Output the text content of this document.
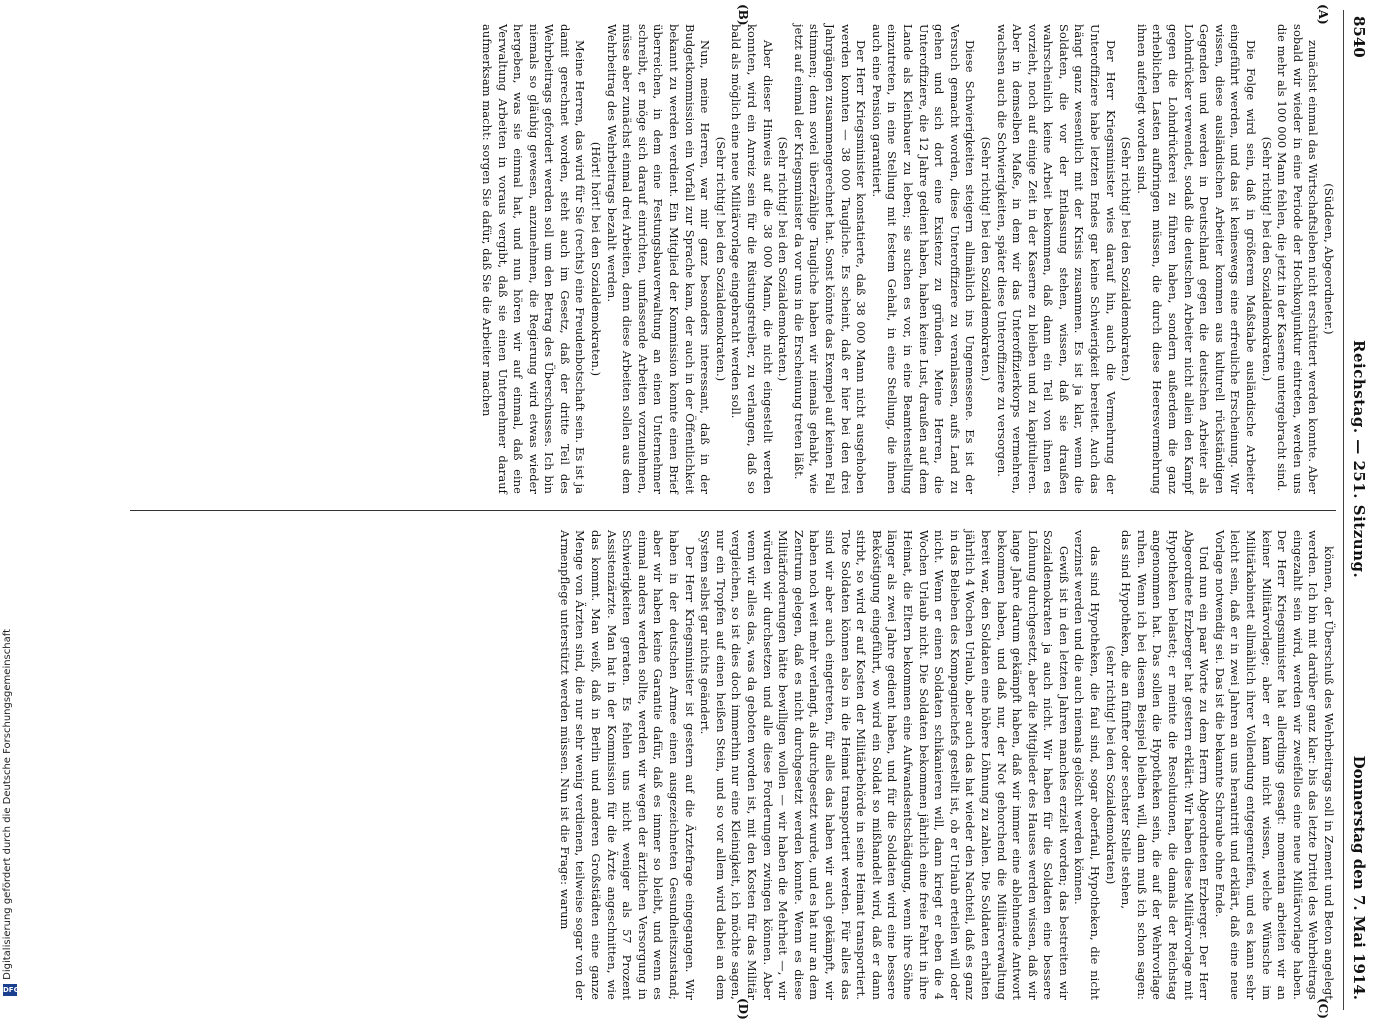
Digitalisierung gefördert durch die Deutsche Forschungsgemeinschaft
DFG
8540
Reichstag. — 251. Sitzung.
Donnerstag den 7. Mai 1914.

(Süddeen, Abgeordneter.)

zunächst einmal das Wirtschaftsleben nicht erschüttert werden konnte. Aber sobald wir wieder in eine Periode der Hochkonjunktur eintreten, werden uns die mehr als 100 000 Mann fehlen, die jetzt in der Kaserne untergebracht sind.

(Sehr richtig! bei den Sozialdemokraten.)

Die Folge wird sein, daß in größerem Maßstabe ausländische Arbeiter eingeführt werden, und das ist keineswegs eine erfreuliche Erscheinung. Wir wissen, diese ausländischen Arbeiter kommen aus kulturell rückständigen Gegenden und werden in Deutschland gegen die deutschen Arbeiter als Lohndrücker verwendet, sodaß die deutschen Arbeiter nicht allein den Kampf gegen die Lohndrückerei zu führen haben, sondern außerdem die ganz erheblichen Lasten aufbringen müssen, die durch diese Heeresvermehrung ihnen auferlegt worden sind.

(Sehr richtig! bei den Sozialdemokraten.)

Der Herr Kriegsminister wies darauf hin, auch die Vermehrung der Unteroffiziere habe letzten Endes gar keine Schwierigkeit bereitet. Auch das hängt ganz wesentlich mit der Krisis zusammen. Es ist ja klar, wenn die Soldaten, die vor der Entlassung stehen, wissen, daß sie draußen wahrscheinlich keine Arbeit bekommen, daß dann ein Teil von ihnen es vorzieht, noch auf einige Zeit in der Kaserne zu bleiben und zu kapitulieren. Aber in demselben Maße, in dem wir das Unteroffizierkorps vermehren, wachsen auch die Schwierigkeiten, später diese Unteroffiziere zu versorgen.

(Sehr richtig! bei den Sozialdemokraten.)

Diese Schwierigkeiten steigern allmählich ins Ungemessene. Es ist der Versuch gemacht worden, diese Unteroffiziere zu veranlassen, aufs Land zu gehen und sich dort eine Existenz zu gründen. Meine Herren, die Unteroffiziere, die 12 Jahre gedient haben, haben keine Lust, draußen auf dem Lande als Kleinbauer zu leben; sie suchen es vor, in eine Beamtenstellung einzutreten, in eine Stellung mit festem Gehalt, in eine Stellung, die ihnen auch eine Pension garantiert.

Der Herr Kriegsminister konstatierte, daß 38 000 Mann nicht ausgehoben werden konnten — 38 000 Taugliche. Es scheint, daß er hier bei den drei Jahrgängen zusammengerechnet hat. Sonst könnte das Exempel auf keinen Fall stimmen; denn soviel überzählige Taugliche haben wir niemals gehabt, wie jetzt auf einmal der Kriegsminister da vor uns in die Erscheinung treten läßt.

(Sehr richtig! bei den Sozialdemokraten.)

Aber dieser Hinweis auf die 38 000 Mann, die nicht eingestellt werden konnten, wird ein Anreiz sein für die Rüstungstreiber, zu verlangen, daß so bald als möglich eine neue Militärvorlage eingebracht werden soll.

(Sehr richtig! bei den Sozialdemokraten.)

Nun, meine Herren, war mir ganz besonders interessant, daß in der Budgetkommission ein Vorfall zur Sprache kam, der auch in der Öffentlichkeit bekannt zu werden verdient. Ein Mitglied der Kommission konnte einen Brief überreichen, in dem eine Festungsbauverwaltung an einen Unternehmer schreibt, er möge sich darauf einrichten, umfassende Arbeiten vorzunehmen, müsse aber zunächst einmal drei Arbeiten, denn diese Arbeiten sollen aus dem Wehrbeitrag des Wehrbeitrags bezahlt werden.

(Hört! hört! bei den Sozialdemokraten.)

Meine Herren, das wird für Sie (rechts) eine Freudenbotschaft sein. Es ist ja damit gerechnet worden, steht auch im Gesetz, daß der dritte Teil des Wehrbeitrags gefordert werden soll um den Betrag des Überschusses. Ich bin niemals so gläubig gewesen, anzunehmen, die Regierung wird etwas wieder hergeben, was sie einmal hat, und nun hören wir auf einmal, daß eine Verwaltung Arbeiten in voraus vergibt, daß sie einen Unternehmer darauf aufmerksam macht: sorgen Sie dafür, daß Sie die Arbeiter machen

können, der Überschuß des Wehrbeitrags soll in Zement und Beton angelegt werden. Ich bin mit darüber ganz klar: bis das letzte Drittel des Wehrbeitrags eingezahlt sein wird, werden wir zweifellos eine neue Militärvorlage haben. Der Herr Kriegsminister hat allerdings gesagt: momentan arbeiten wir an keiner Militärvorlage; aber er kann nicht wissen, welche Wünsche im Militärkabinett allmählich ihrer Vollendung entgegenreifen, und es kann sehr leicht sein, daß er in zwei Jahren an uns herantritt und erklärt, daß eine neue Vorlage notwendig sei. Das ist die bekannte Schraube ohne Ende.

Und nun ein paar Worte zu dem Herrn Abgeordneten Erzberger. Der Herr Abgeordnete Erzberger hat gestern erklärt: Wir haben diese Militärvorlage mit Hypotheken belastet; er meinte die Resolutionen, die damals der Reichstag angenommen hat. Das sollen die Hypotheken sein, die auf der Wehrvorlage ruhen. Wenn ich bei diesem Beispiel bleiben will, dann muß ich schon sagen: das sind Hypotheken, die an fünfter oder sechster Stelle stehen,

(sehr richtig! bei den Sozialdemokraten)

das sind Hypotheken, die faul sind, sogar oberfaul, Hypotheken, die nicht verzinst werden und die auch niemals gelöscht werden können.

Gewiß ist in den letzten Jahren manches erzielt worden; das bestreiten wir Sozialdemokraten ja auch nicht. Wir haben für die Soldaten eine bessere Löhnung durchgesetzt, aber die Mitglieder des Hauses werden wissen, daß wir lange Jahre darum gekämpft haben, daß wir immer eine ablehnende Antwort bekommen haben, und daß nur, der Not gehorchend die Militärverwaltung bereit war, den Soldaten eine höhere Löhnung zu zahlen. Die Soldaten erhalten jährlich 4 Wochen Urlaub, aber auch das hat wieder den Nachteil, daß es ganz in das Belieben des Kompagniechefs gestellt ist, ob er Urlaub erteilen will oder nicht. Wenn er einen Soldaten schikanieren will, dann kriegt er eben die 4 Wochen Urlaub nicht. Die Soldaten bekommen jährlich eine freie Fahrt in ihre Heimat, die Eltern bekommen eine Aufwandsentschädigung, wenn ihre Söhne länger als zwei Jahre gedient haben, und für die Soldaten wird eine bessere Beköstigung eingeführt, wo wird ein Soldat so mißhandelt wird, daß er dann stirbt, so wird er auf Kosten der Militärbehörde in seine Heimat transportiert. Tote Soldaten können also in die Heimat transportiert werden. Für alles das sind wir aber auch eingetreten, für alles das haben wir auch gekämpft, wir haben noch weit mehr verlangt, als durchgesetzt wurde, und es hat nur an dem Zentrum gelegen, daß es nicht durchgesetzt werden konnte. Wenn es diese Militärforderungen hätte bewilligen wollen — wir haben die Mehrheit —, wir würden wir durchsetzen und alle diese Forderungen zwingen können. Aber wenn wir alles das, was da geboten worden ist, mit den Kosten für das Militär vergleichen, so ist dies doch immerhin nur eine Kleinigkeit, ich möchte sagen, nur ein Tropfen auf einen heißen Stein, und so vor allem wird dabei an dem System selbst gar nichts geändert.

Der Herr Kriegsminister ist gestern auf die Ärztefrage eingegangen. Wir haben in der deutschen Armee einen ausgezeichneten Gesundheitszustand; aber wir haben keine Garantie dafür, daß es immer so bleibt, und wenn es einmal anders werden sollte, werden wir wegen der ärztlichen Versorgung in Schwierigkeiten geraten. Es fehlen uns nicht weniger als 57 Prozent Assistenzärzte. Man hat in der Kommission für die Ärzte angeschnitten, wie das kommt. Man weiß, daß in Berlin und anderen Großstädten eine ganze Menge von Ärzten sind, die nur sehr wenig verdienen, teilweise sogar von der Armenpflege unterstützt werden müssen. Nun ist die Frage: warum

(A)
(B)
(C)
(D)
